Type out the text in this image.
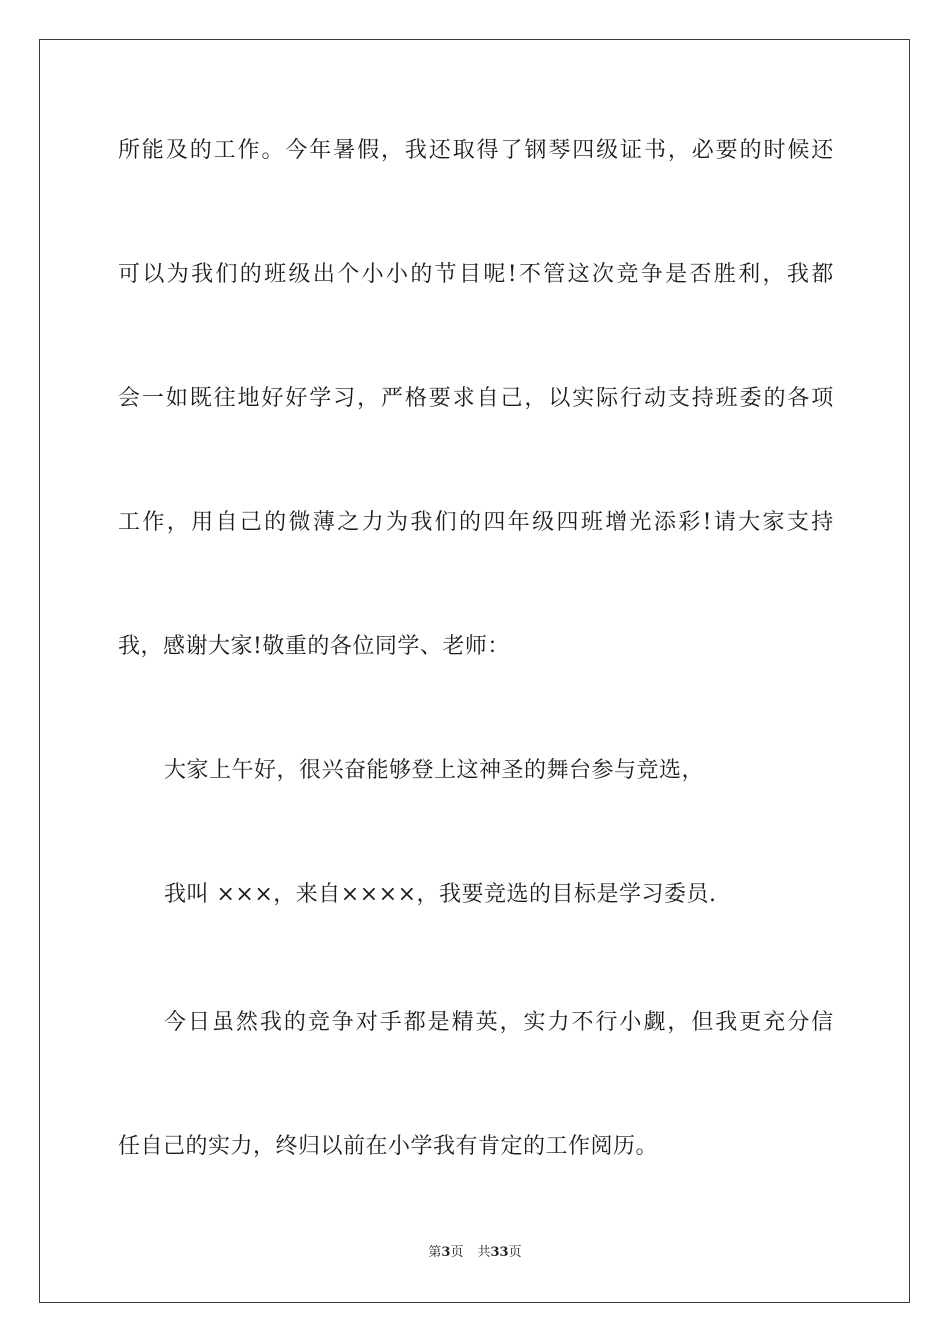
所 能 及 的 工 作 。 今 年 暑 假 ， 我 还 取 得 了 钢 琴 四 级 证 书 ， 必 要 的 时 候 还
可 以 为 我 们 的 班 级 出 个 小 小 的 节 目 呢 ! 不 管 这 次 竞 争 是 否 胜 利 ， 我 都
会 一 如 既 往 地 好 好 学 习 ， 严 格 要 求 自 己 ， 以 实 际 行 动 支 持 班 委 的 各 项
工 作 ， 用 自 己 的 微 薄 之 力 为 我 们 的 四 年 级 四 班 增 光 添 彩 ! 请 大 家 支 持
我，感谢大家!敬重的各位同学、老师：
大家上午好，很兴奋能够登上这神圣的舞台参与竞选，
我叫 ×××，来自××××，我要竞选的目标是学习委员.
今 日 虽 然 我 的 竞 争 对 手 都 是 精 英 ， 实 力 不 行 小 觑 ， 但 我 更 充 分 信
任自己的实力，终归以前在小学我有肯定的工作阅历。
第3页 共33页
